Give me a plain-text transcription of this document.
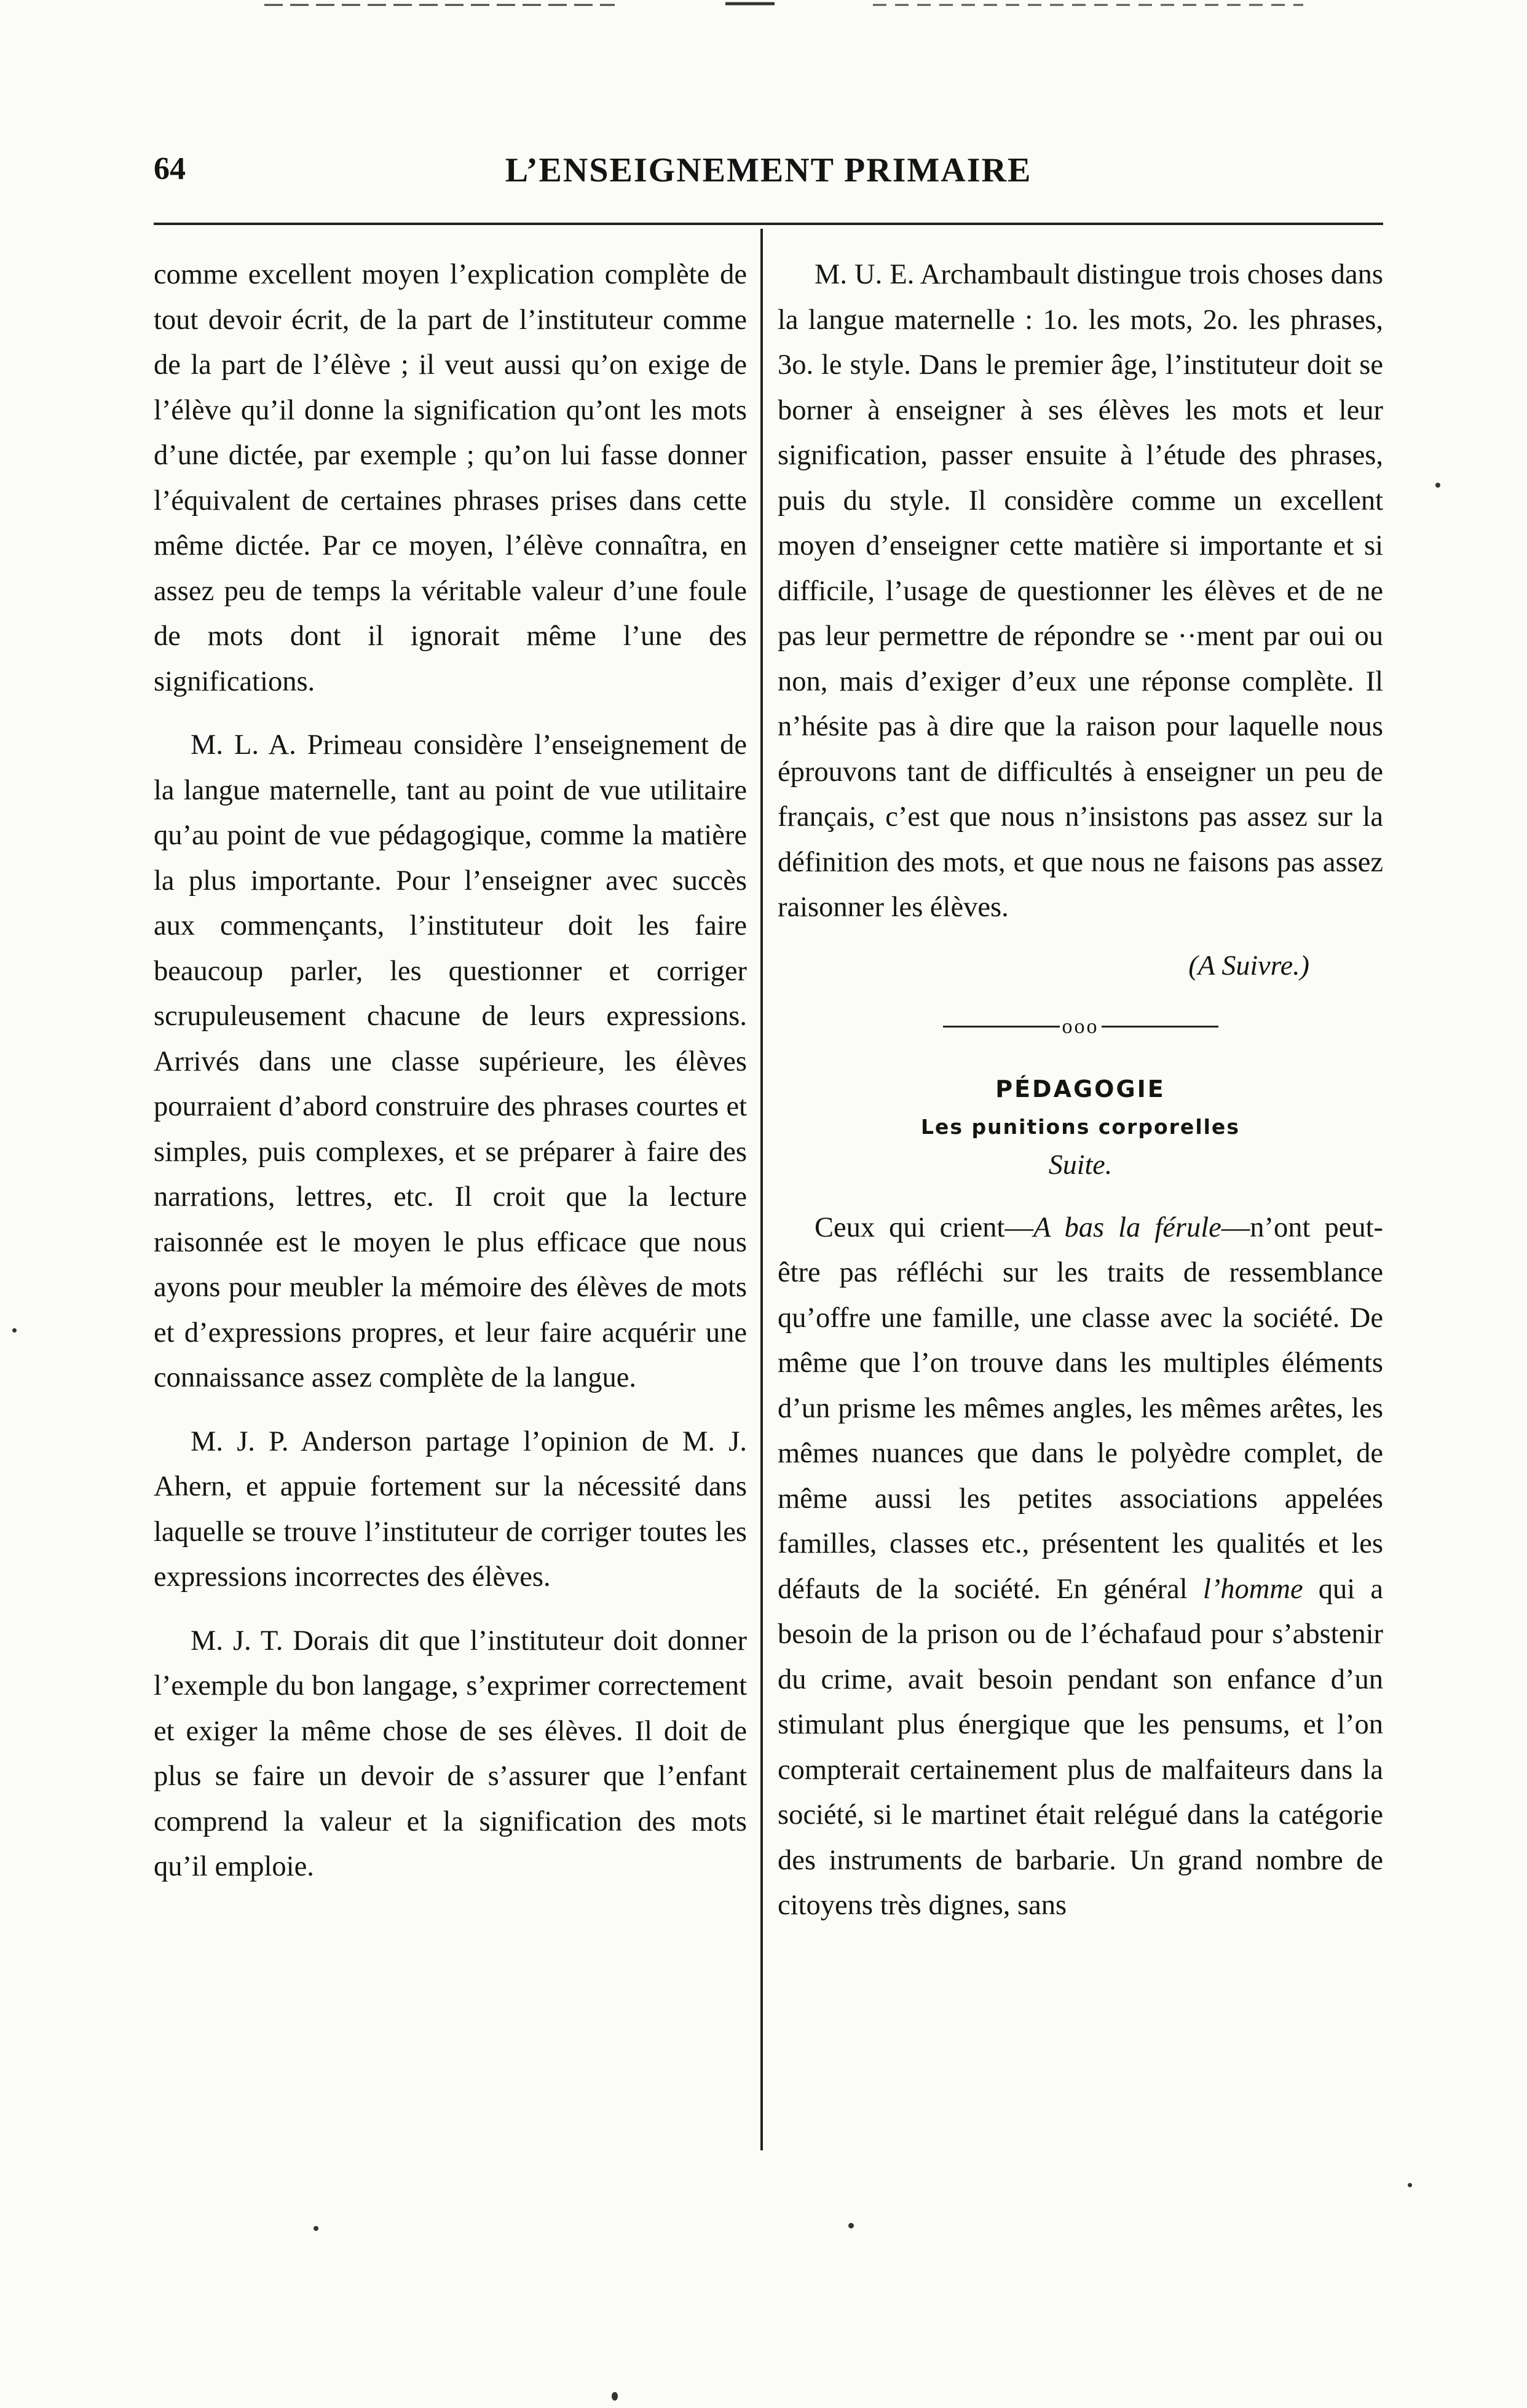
64	L’ENSEIGNEMENT PRIMAIRE

comme excellent moyen l’explication complète de tout devoir écrit, de la part de l’instituteur comme de la part de l’élève ; il veut aussi qu’on exige de l’élève qu’il donne la signification qu’ont les mots d’une dictée, par exemple ; qu’on lui fasse donner l’équivalent de certaines phrases prises dans cette même dictée. Par ce moyen, l’élève connaîtra, en assez peu de temps la véritable valeur d’une foule de mots dont il ignorait même l’une des significations.

M. L. A. Primeau considère l’enseignement de la langue maternelle, tant au point de vue utilitaire qu’au point de vue pédagogique, comme la matière la plus importante. Pour l’enseigner avec succès aux commençants, l’instituteur doit les faire beaucoup parler, les questionner et corriger scrupuleusement chacune de leurs expressions. Arrivés dans une classe supérieure, les élèves pourraient d’abord construire des phrases courtes et simples, puis complexes, et se préparer à faire des narrations, lettres, etc. Il croit que la lecture raisonnée est le moyen le plus efficace que nous ayons pour meubler la mémoire des élèves de mots et d’expressions propres, et leur faire acquérir une connaissance assez complète de la langue.

M. J. P. Anderson partage l’opinion de M. J. Ahern, et appuie fortement sur la nécessité dans laquelle se trouve l’instituteur de corriger toutes les expressions incorrectes des élèves.

M. J. T. Dorais dit que l’instituteur doit donner l’exemple du bon langage, s’exprimer correctement et exiger la même chose de ses élèves. Il doit de plus se faire un devoir de s’assurer que l’enfant comprend la valeur et la signification des mots qu’il emploie.

M. U. E. Archambault distingue trois choses dans la langue maternelle : 1o. les mots, 2o. les phrases, 3o. le style. Dans le premier âge, l’instituteur doit se borner à enseigner à ses élèves les mots et leur signification, passer ensuite à l’étude des phrases, puis du style. Il considère comme un excellent moyen d’enseigner cette matière si importante et si difficile, l’usage de questionner les élèves et de ne pas leur permettre de répondre se ··ment par oui ou non, mais d’exiger d’eux une réponse complète. Il n’hésite pas à dire que la raison pour laquelle nous éprouvons tant de difficultés à enseigner un peu de français, c’est que nous n’insistons pas assez sur la définition des mots, et que nous ne faisons pas assez raisonner les élèves.

(A Suivre.)
ooo
PÉDAGOGIE
Les punitions corporelles
Suite.

Ceux qui crient—A bas la férule—n’ont peut-être pas réfléchi sur les traits de ressemblance qu’offre une famille, une classe avec la société. De même que l’on trouve dans les multiples éléments d’un prisme les mêmes angles, les mêmes arêtes, les mêmes nuances que dans le polyèdre complet, de même aussi les petites associations appelées familles, classes etc., présentent les qualités et les défauts de la société. En général l’homme qui a besoin de la prison ou de l’échafaud pour s’abstenir du crime, avait besoin pendant son enfance d’un stimulant plus énergique que les pensums, et l’on compterait certainement plus de malfaiteurs dans la société, si le martinet était relégué dans la catégorie des instruments de barbarie. Un grand nombre de citoyens très dignes, sans
